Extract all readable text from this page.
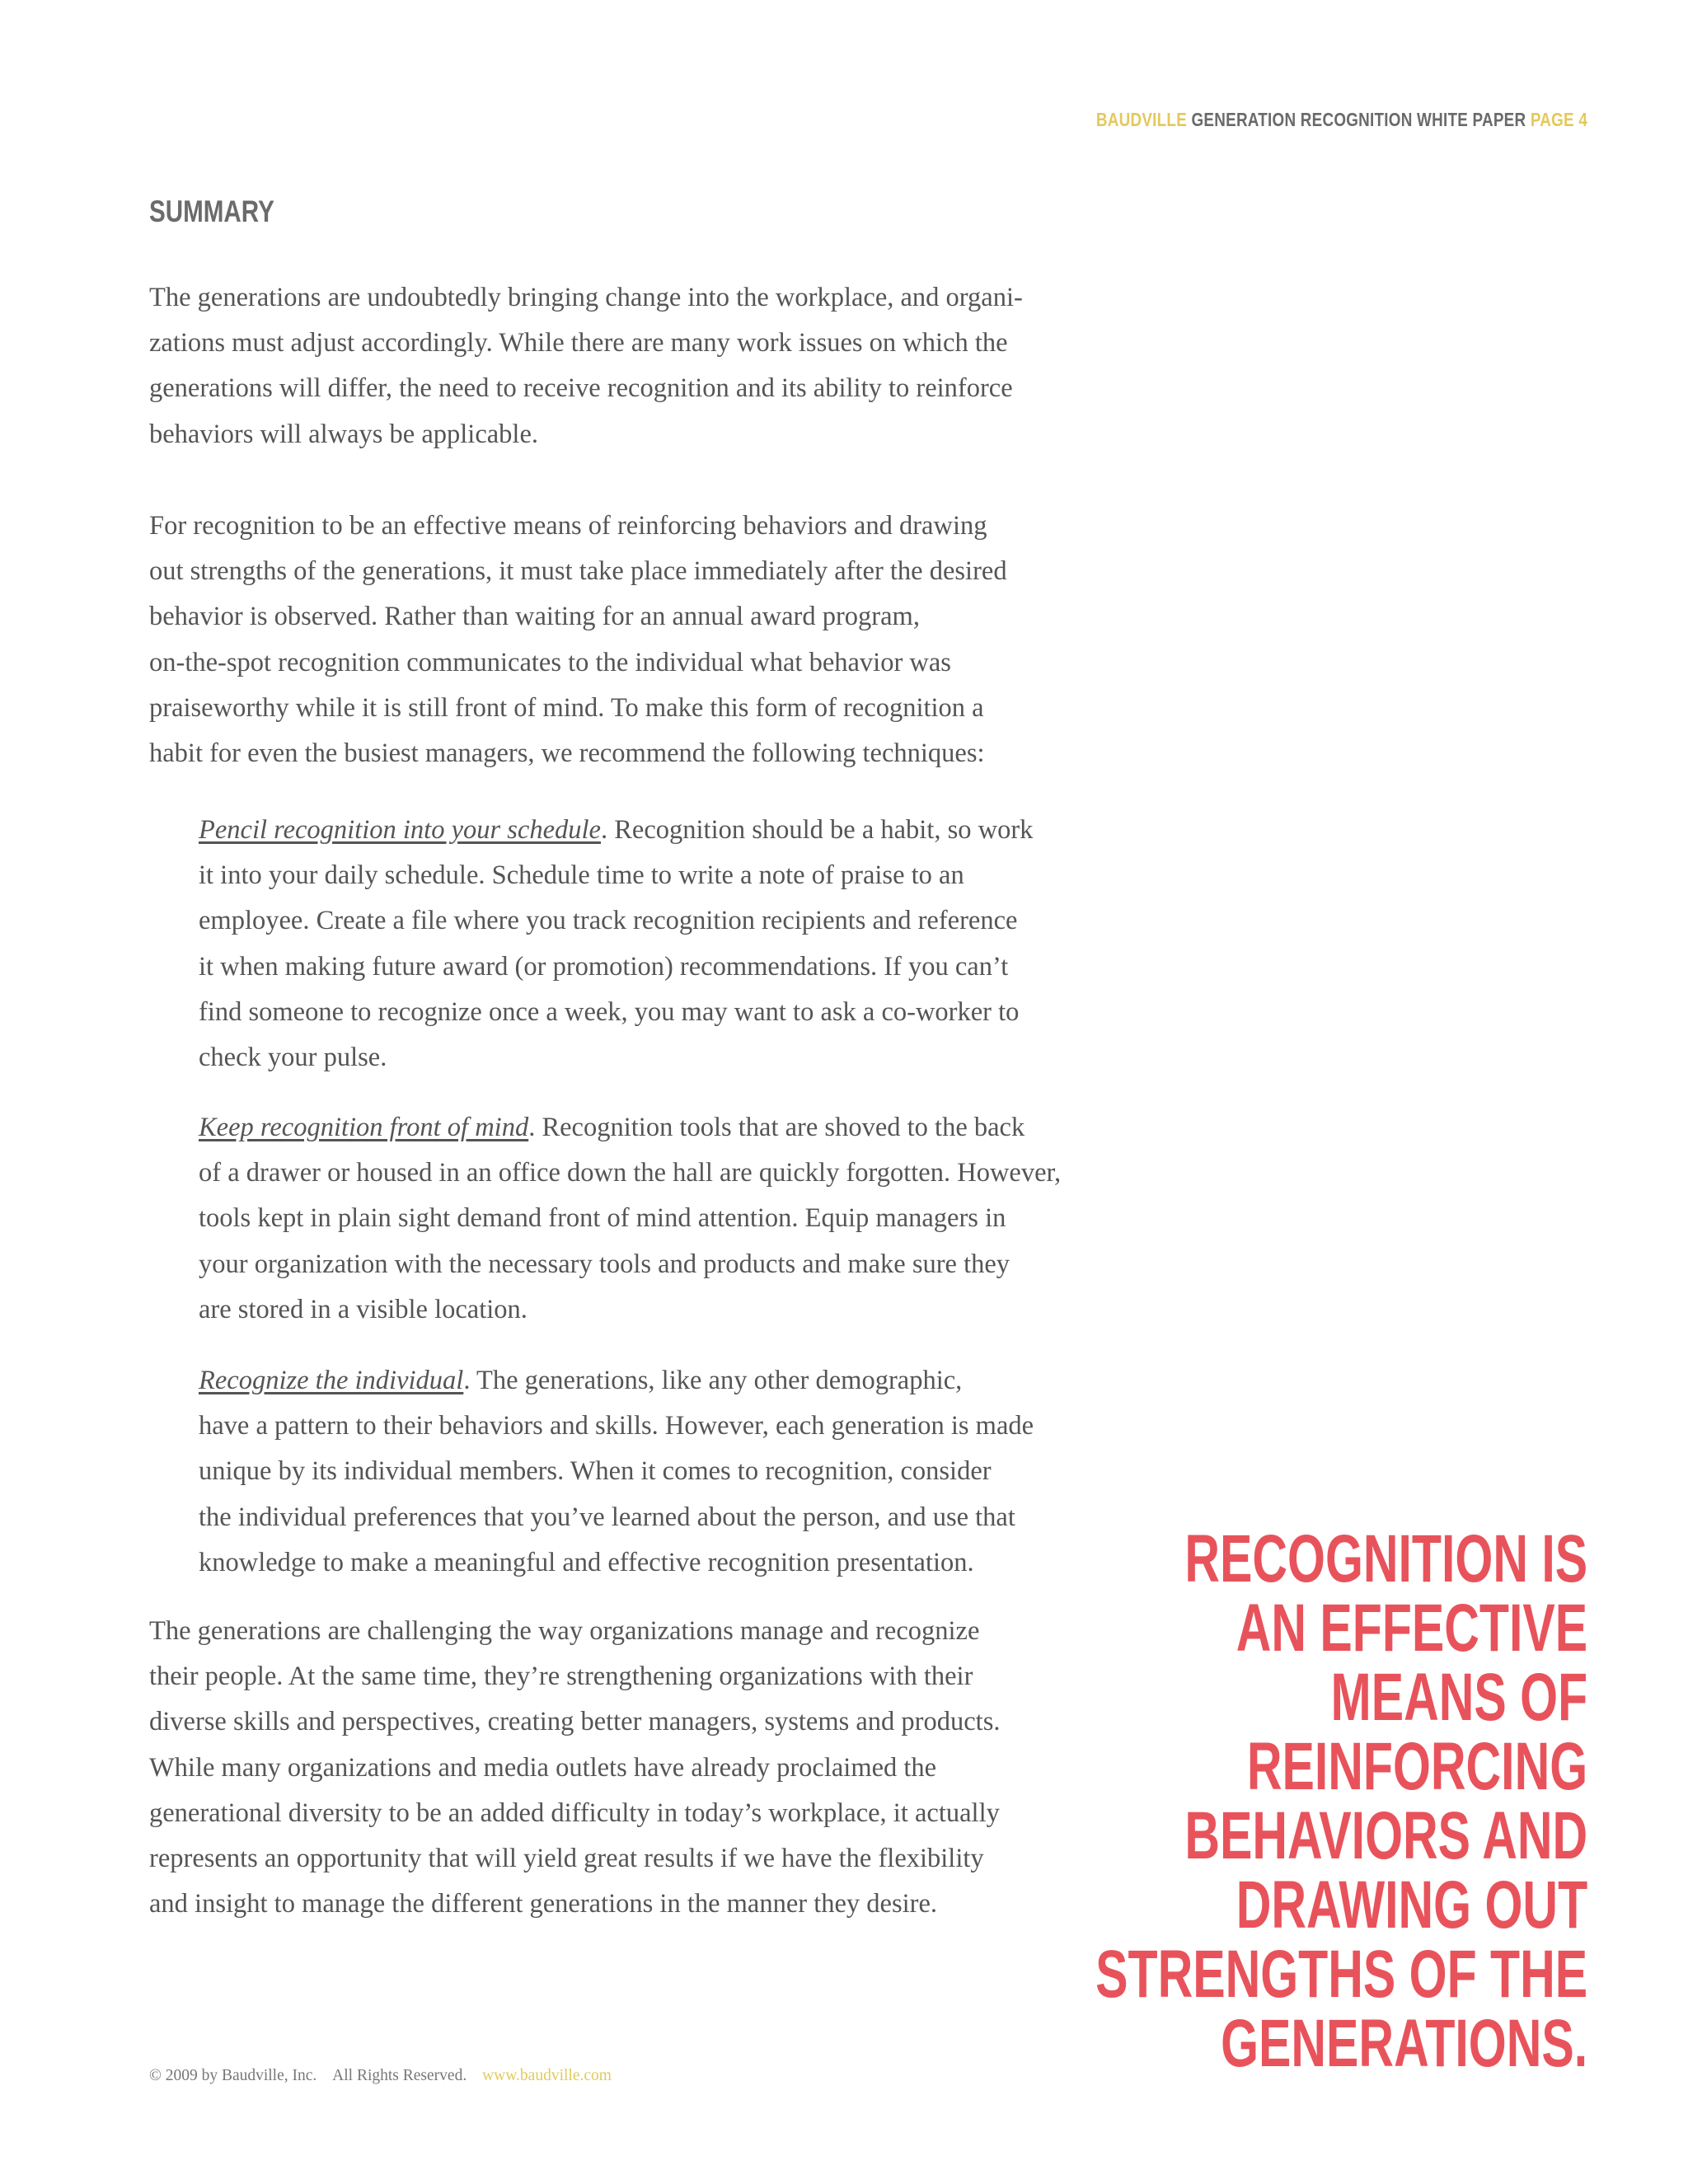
BAUDVILLE GENERATION RECOGNITION WHITE PAPER PAGE 4
SUMMARY
The generations are undoubtedly bringing change into the workplace, and organi-
zations must adjust accordingly. While there are many work issues on which the
generations will differ, the need to receive recognition and its ability to reinforce
behaviors will always be applicable.
For recognition to be an effective means of reinforcing behaviors and drawing
out strengths of the generations, it must take place immediately after the desired
behavior is observed. Rather than waiting for an annual award program,
on-the-spot recognition communicates to the individual what behavior was
praiseworthy while it is still front of mind. To make this form of recognition a
habit for even the busiest managers, we recommend the following techniques:
Pencil recognition into your schedule. Recognition should be a habit, so work
it into your daily schedule. Schedule time to write a note of praise to an
employee. Create a file where you track recognition recipients and reference
it when making future award (or promotion) recommendations. If you can’t
find someone to recognize once a week, you may want to ask a co-worker to
check your pulse.
Keep recognition front of mind. Recognition tools that are shoved to the back
of a drawer or housed in an office down the hall are quickly forgotten. However,
tools kept in plain sight demand front of mind attention. Equip managers in
your organization with the necessary tools and products and make sure they
are stored in a visible location.
Recognize the individual. The generations, like any other demographic,
have a pattern to their behaviors and skills. However, each generation is made
unique by its individual members. When it comes to recognition, consider
the individual preferences that you’ve learned about the person, and use that
knowledge to make a meaningful and effective recognition presentation.
The generations are challenging the way organizations manage and recognize
their people. At the same time, they’re strengthening organizations with their
diverse skills and perspectives, creating better managers, systems and products.
While many organizations and media outlets have already proclaimed the
generational diversity to be an added difficulty in today’s workplace, it actually
represents an opportunity that will yield great results if we have the flexibility
and insight to manage the different generations in the manner they desire.
RECOGNITION IS
AN EFFECTIVE
MEANS OF
REINFORCING
BEHAVIORS AND
DRAWING OUT
STRENGTHS OF THE
GENERATIONS.
© 2009 by Baudville, Inc. All Rights Reserved. www.baudville.com
